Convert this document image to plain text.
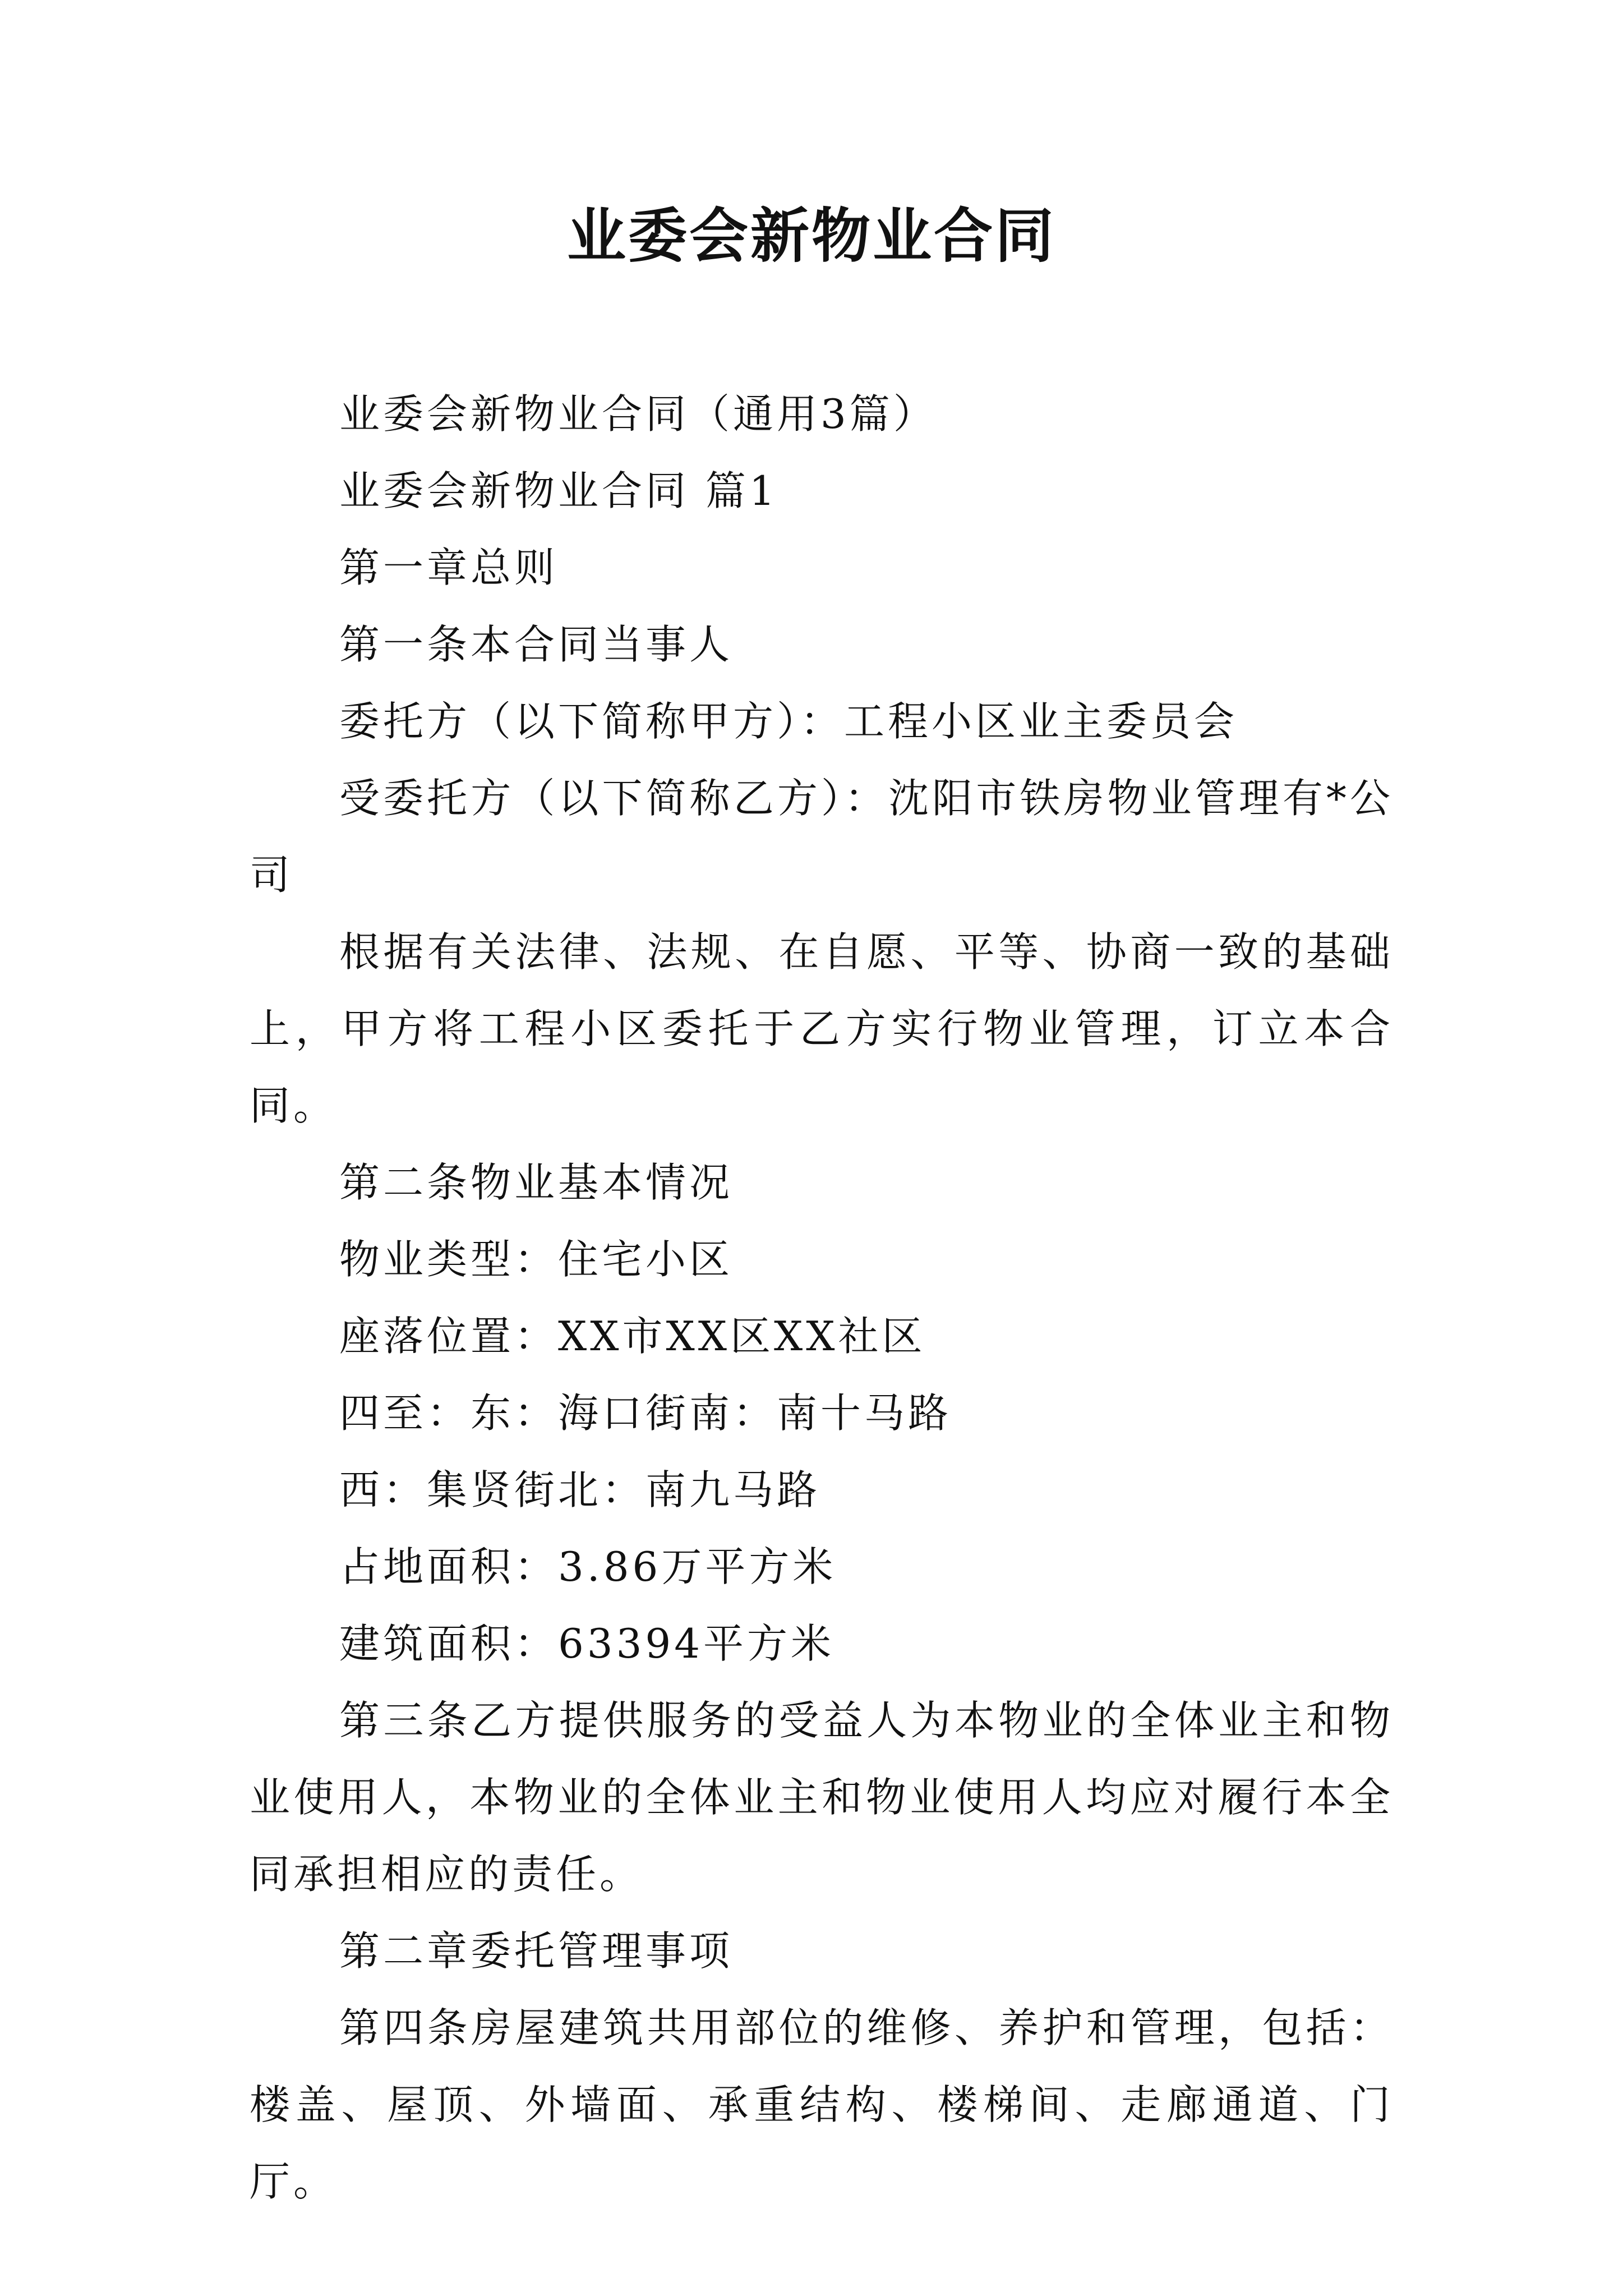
业委会新物业合同

业委会新物业合同（通用3篇）

业委会新物业合同 篇1

第一章总则

第一条本合同当事人

委托方（以下简称甲方）：工程小区业主委员会

受委托方（以下简称乙方）：沈阳市铁房物业管理有*公司

根据有关法律、法规、在自愿、平等、协商一致的基础上，甲方将工程小区委托于乙方实行物业管理，订立本合同。

第二条物业基本情况

物业类型：住宅小区

座落位置：XX市XX区XX社区

四至：东：海口街南：南十马路

西：集贤街北：南九马路

占地面积：3.86万平方米

建筑面积：63394平方米

第三条乙方提供服务的受益人为本物业的全体业主和物业使用人，本物业的全体业主和物业使用人均应对履行本全同承担相应的责任。

第二章委托管理事项

第四条房屋建筑共用部位的维修、养护和管理，包括：楼盖、屋顶、外墙面、承重结构、楼梯间、走廊通道、门厅。
